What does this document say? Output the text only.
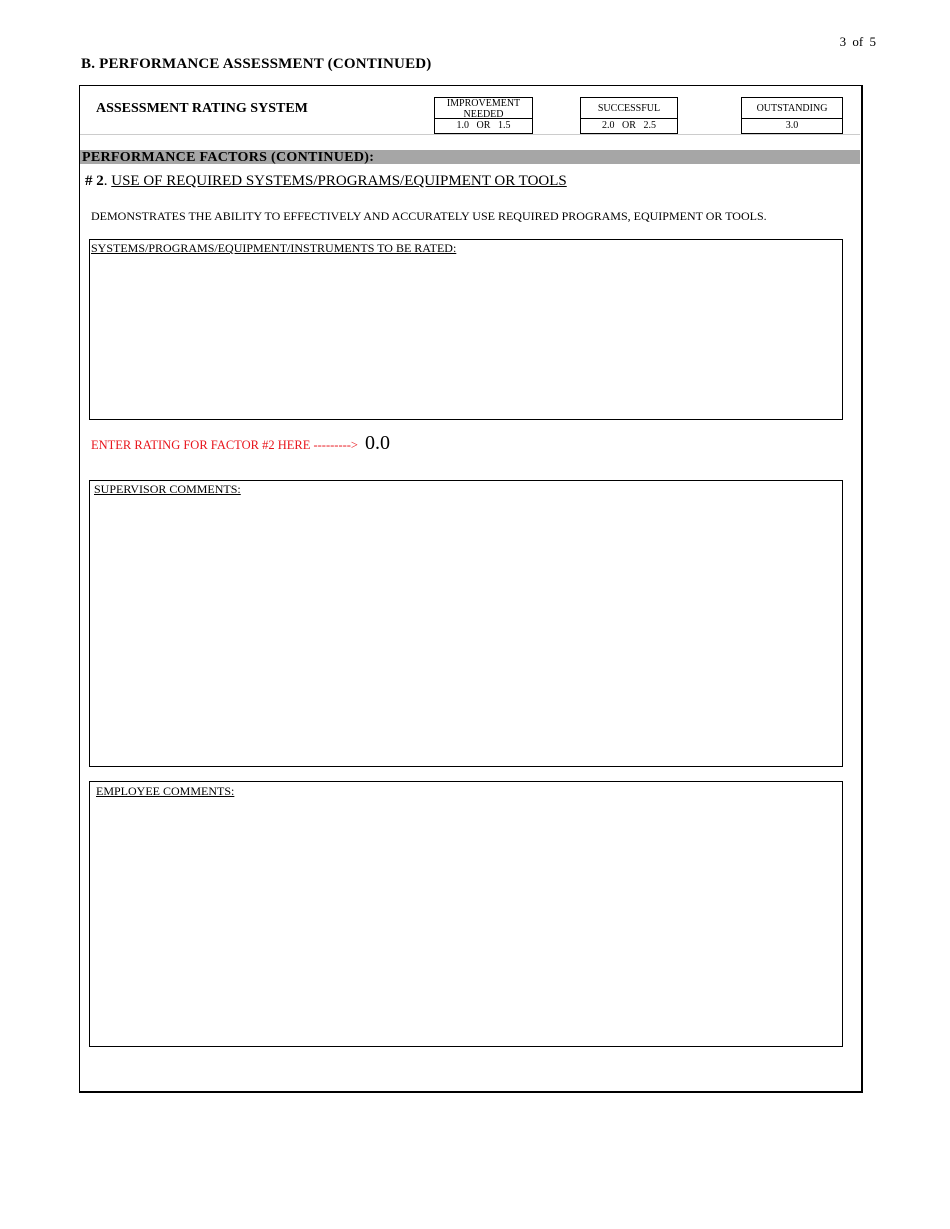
3 of 5
B. PERFORMANCE ASSESSMENT (CONTINUED)
ASSESSMENT RATING SYSTEM	IMPROVEMENT NEEDED
1.0 OR 1.5
SUCCESSFUL
2.0 OR 2.5
OUTSTANDING
3.0
PERFORMANCE FACTORS (CONTINUED):
# 2. USE OF REQUIRED SYSTEMS/PROGRAMS/EQUIPMENT OR TOOLS
DEMONSTRATES THE ABILITY TO EFFECTIVELY AND ACCURATELY USE REQUIRED PROGRAMS, EQUIPMENT OR TOOLS.
SYSTEMS/PROGRAMS/EQUIPMENT/INSTRUMENTS TO BE RATED:
ENTER RATING FOR FACTOR #2 HERE ---------> 0.0
SUPERVISOR COMMENTS:
EMPLOYEE COMMENTS:
